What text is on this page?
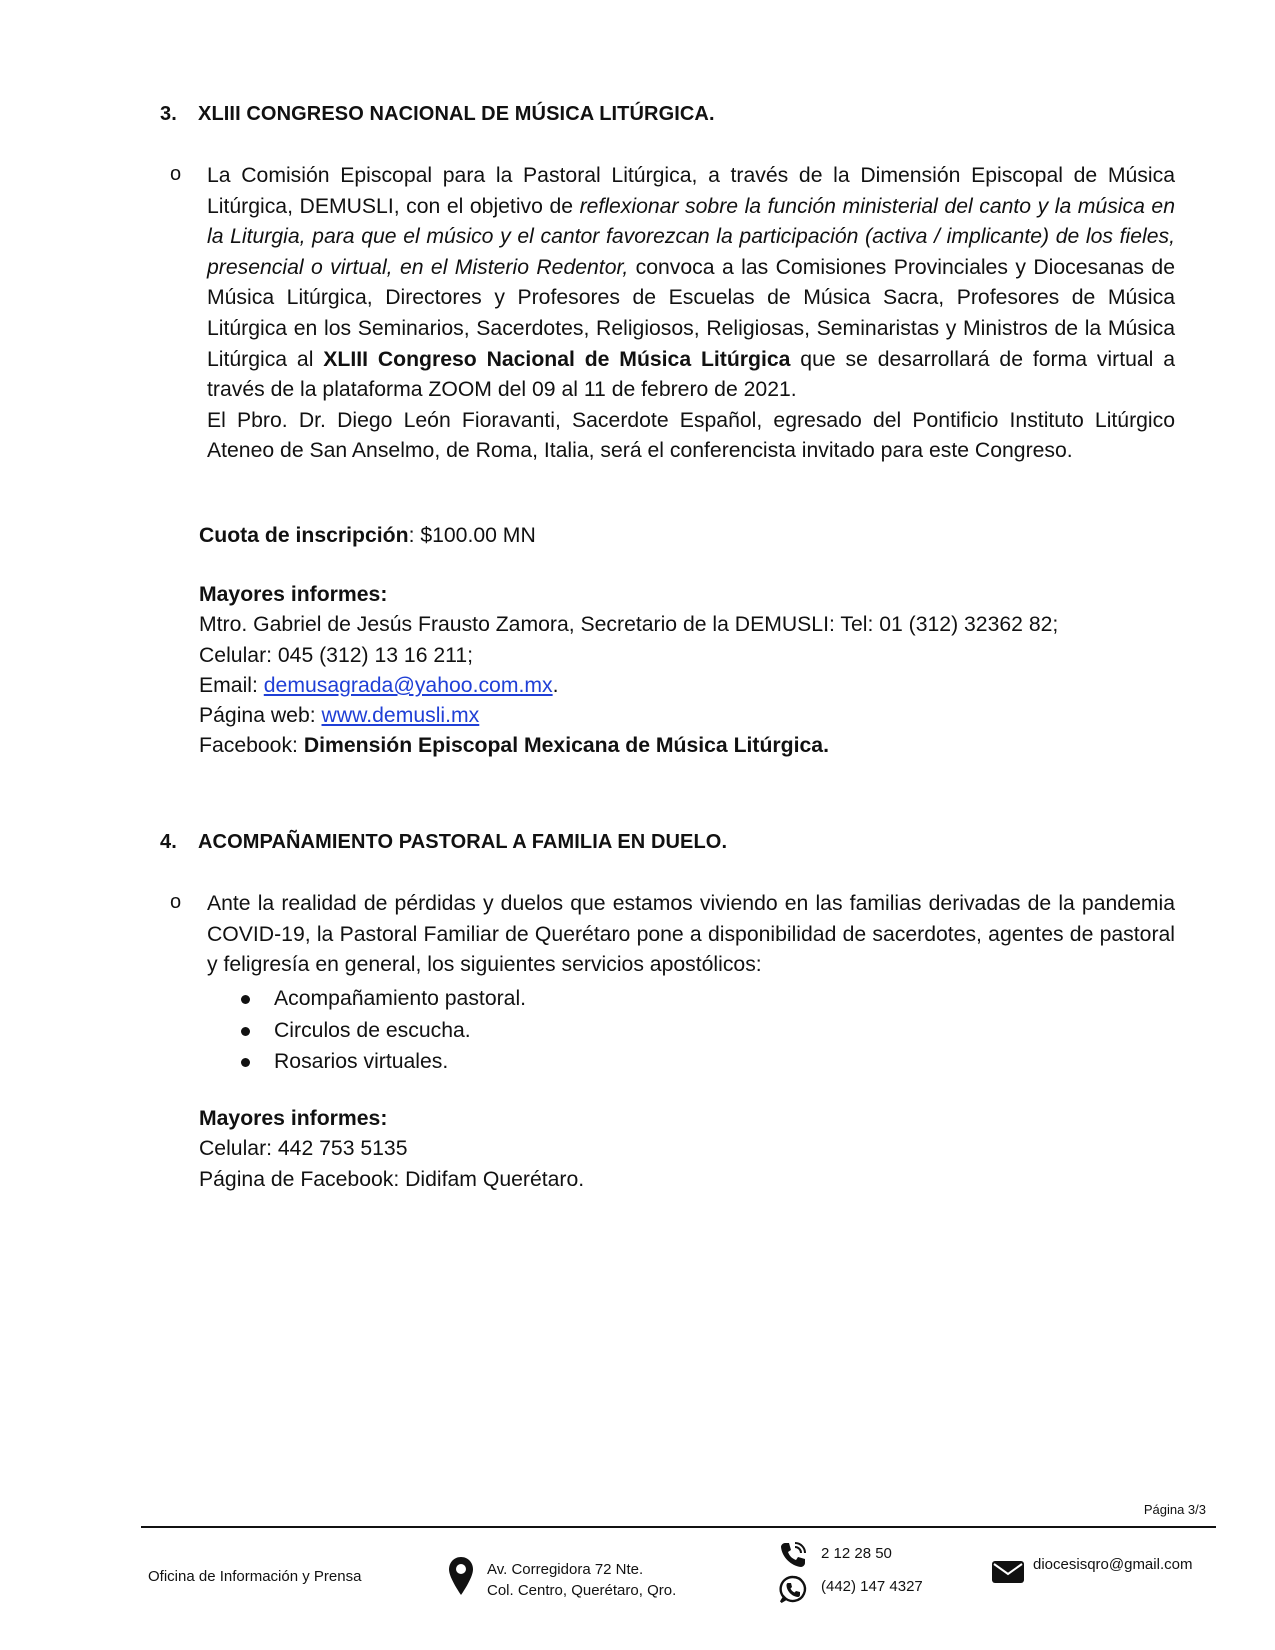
3. XLIII CONGRESO NACIONAL DE MÚSICA LITÚRGICA.
o La Comisión Episcopal para la Pastoral Litúrgica, a través de la Dimensión Episcopal de Música Litúrgica, DEMUSLI, con el objetivo de reflexionar sobre la función ministerial del canto y la música en la Liturgia, para que el músico y el cantor favorezcan la participación (activa / implicante) de los fieles, presencial o virtual, en el Misterio Redentor, convoca a las Comisiones Provinciales y Diocesanas de Música Litúrgica, Directores y Profesores de Escuelas de Música Sacra, Profesores de Música Litúrgica en los Seminarios, Sacerdotes, Religiosos, Religiosas, Seminaristas y Ministros de la Música Litúrgica al XLIII Congreso Nacional de Música Litúrgica que se desarrollará de forma virtual a través de la plataforma ZOOM del 09 al 11 de febrero de 2021.

El Pbro. Dr. Diego León Fioravanti, Sacerdote Español, egresado del Pontificio Instituto Litúrgico Ateneo de San Anselmo, de Roma, Italia, será el conferencista invitado para este Congreso.

Cuota de inscripción: $100.00 MN
Mayores informes:
Mtro. Gabriel de Jesús Frausto Zamora, Secretario de la DEMUSLI: Tel: 01 (312) 32362 82;
Celular: 045 (312) 13 16 211;
Email: demusagrada@yahoo.com.mx.
Página web: www.demusli.mx
Facebook: Dimensión Episcopal Mexicana de Música Litúrgica.
4. ACOMPAÑAMIENTO PASTORAL A FAMILIA EN DUELO.
o Ante la realidad de pérdidas y duelos que estamos viviendo en las familias derivadas de la pandemia COVID-19, la Pastoral Familiar de Querétaro pone a disponibilidad de sacerdotes, agentes de pastoral y feligresía en general, los siguientes servicios apostólicos:

Acompañamiento pastoral.
Circulos de escucha.
Rosarios virtuales.
Mayores informes:
Celular: 442 753 5135
Página de Facebook: Didifam Querétaro.
Página 3/3
Oficina de Información y Prensa	Av. Corregidora 72 Nte.
Col. Centro, Querétaro, Qro.
2 12 28 50
(442) 147 4327
diocesisqro@gmail.com
